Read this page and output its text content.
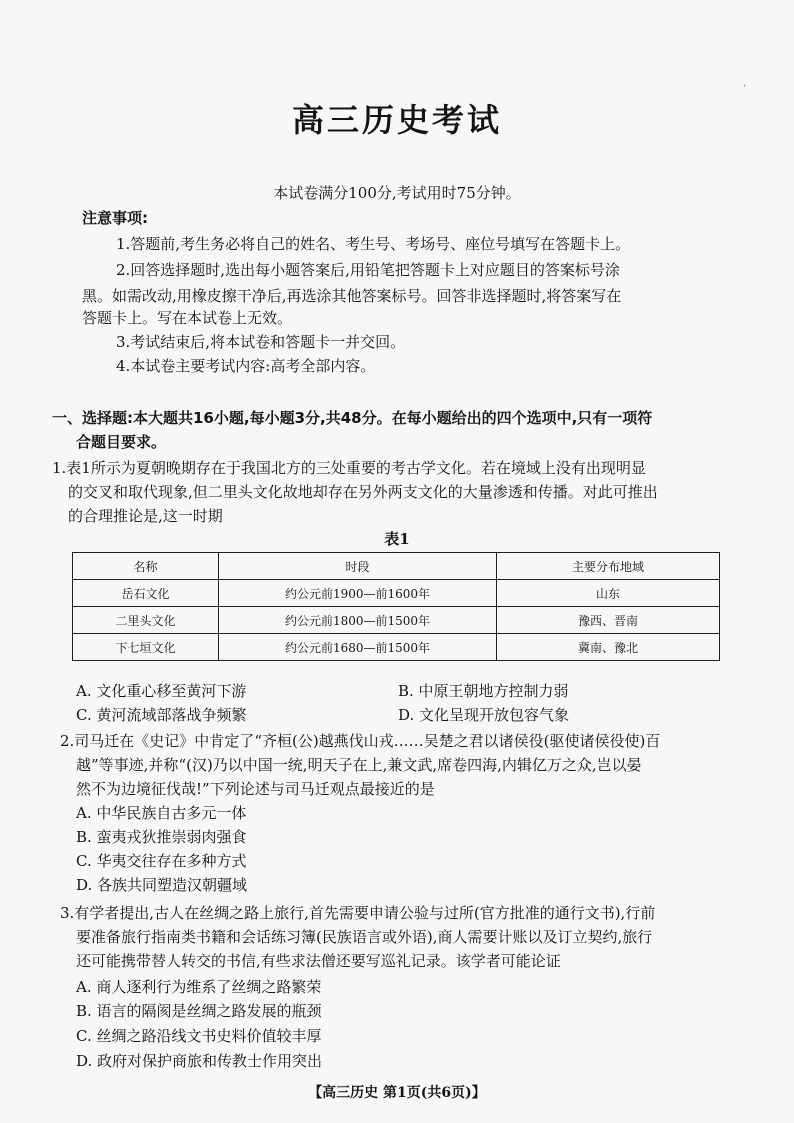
‘
高三历史考试
本试卷满分100分,考试用时75分钟。
注意事项:
1.答题前,考生务必将自己的姓名、考生号、考场号、座位号填写在答题卡上。
2.回答选择题时,选出每小题答案后,用铅笔把答题卡上对应题目的答案标号涂
黑。如需改动,用橡皮擦干净后,再选涂其他答案标号。回答非选择题时,将答案写在
答题卡上。写在本试卷上无效。
3.考试结束后,将本试卷和答题卡一并交回。
4.本试卷主要考试内容:高考全部内容。
一、选择题:本大题共16小题,每小题3分,共48分。在每小题给出的四个选项中,只有一项符
合题目要求。
1.表1所示为夏朝晚期存在于我国北方的三处重要的考古学文化。若在境域上没有出现明显
的交叉和取代现象,但二里头文化故地却存在另外两支文化的大量渗透和传播。对此可推出
的合理推论是,这一时期
表1
名称	时段	主要分布地域
岳石文化	约公元前1900—前1600年	山东
二里头文化	约公元前1800—前1500年	豫西、晋南
下七垣文化	约公元前1680—前1500年	冀南、豫北
A. 文化重心移至黄河下游	B. 中原王朝地方控制力弱
C. 黄河流域部落战争频繁	D. 文化呈现开放包容气象
2.司马迁在《史记》中肯定了“齐桓(公)越燕伐山戎……吴楚之君以诸侯役(驱使诸侯役使)百
越”等事迹,并称“(汉)乃以中国一统,明天子在上,兼文武,席卷四海,内辑亿万之众,岂以晏
然不为边境征伐哉!”下列论述与司马迁观点最接近的是
A. 中华民族自古多元一体
B. 蛮夷戎狄推崇弱肉强食
C. 华夷交往存在多种方式
D. 各族共同塑造汉朝疆域
3.有学者提出,古人在丝绸之路上旅行,首先需要申请公验与过所(官方批准的通行文书),行前
要准备旅行指南类书籍和会话练习簿(民族语言或外语),商人需要计账以及订立契约,旅行
还可能携带替人转交的书信,有些求法僧还要写巡礼记录。该学者可能论证
A. 商人逐利行为维系了丝绸之路繁荣
B. 语言的隔阂是丝绸之路发展的瓶颈
C. 丝绸之路沿线文书史料价值较丰厚
D. 政府对保护商旅和传教士作用突出
【高三历史 第1页(共6页)】
